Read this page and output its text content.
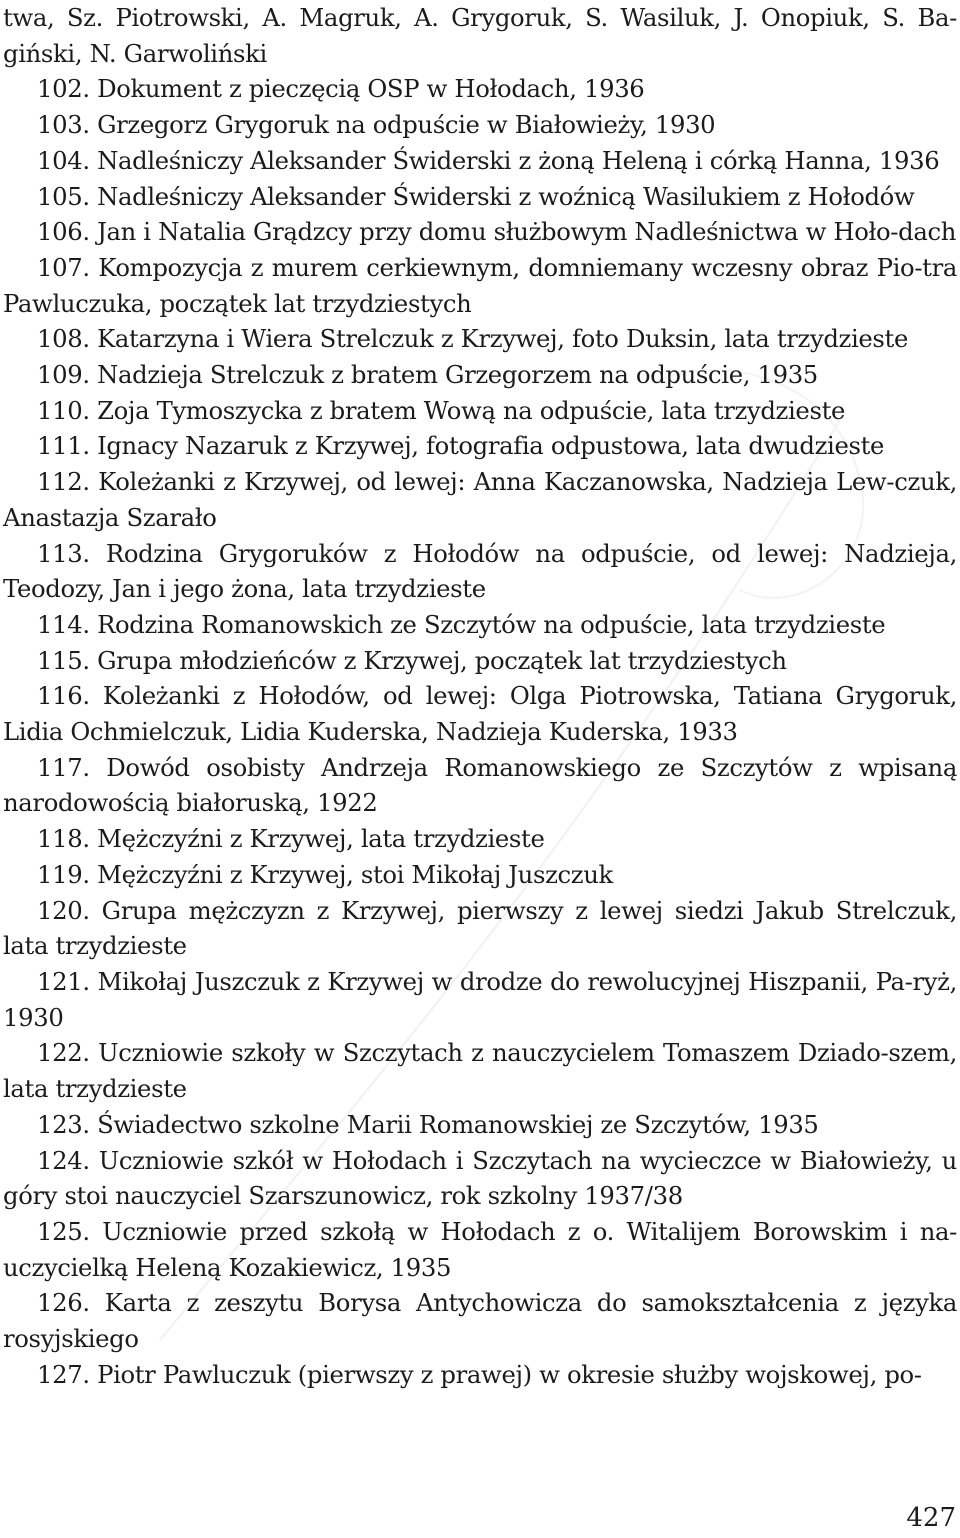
twa, Sz. Piotrowski, A. Magruk, A. Grygoruk, S. Wasiluk, J. Onopiuk, S. Ba-giński, N. Garwoliński

102. Dokument z pieczęcią OSP w Hołodach, 1936

103. Grzegorz Grygoruk na odpuście w Białowieży, 1930

104. Nadleśniczy Aleksander Świderski z żoną Heleną i córką Hanna, 1936

105. Nadleśniczy Aleksander Świderski z woźnicą Wasilukiem z Hołodów

106. Jan i Natalia Grądzcy przy domu służbowym Nadleśnictwa w Hoło-dach

107. Kompozycja z murem cerkiewnym, domniemany wczesny obraz Pio-tra Pawluczuka, początek lat trzydziestych

108. Katarzyna i Wiera Strelczuk z Krzywej, foto Duksin, lata trzydzieste

109. Nadzieja Strelczuk z bratem Grzegorzem na odpuście, 1935

110. Zoja Tymoszycka z bratem Wową na odpuście, lata trzydzieste

111. Ignacy Nazaruk z Krzywej, fotografia odpustowa, lata dwudzieste

112. Koleżanki z Krzywej, od lewej: Anna Kaczanowska, Nadzieja Lew-czuk, Anastazja Szarało

113. Rodzina Grygoruków z Hołodów na odpuście, od lewej: Nadzieja, Teodozy, Jan i jego żona, lata trzydzieste

114. Rodzina Romanowskich ze Szczytów na odpuście, lata trzydzieste

115. Grupa młodzieńców z Krzywej, początek lat trzydziestych

116. Koleżanki z Hołodów, od lewej: Olga Piotrowska, Tatiana Grygoruk, Lidia Ochmielczuk, Lidia Kuderska, Nadzieja Kuderska, 1933

117. Dowód osobisty Andrzeja Romanowskiego ze Szczytów z wpisaną narodowością białoruską, 1922

118. Mężczyźni z Krzywej, lata trzydzieste

119. Mężczyźni z Krzywej, stoi Mikołaj Juszczuk

120. Grupa mężczyzn z Krzywej, pierwszy z lewej siedzi Jakub Strelczuk, lata trzydzieste

121. Mikołaj Juszczuk z Krzywej w drodze do rewolucyjnej Hiszpanii, Pa-ryż, 1930

122. Uczniowie szkoły w Szczytach z nauczycielem Tomaszem Dziado-szem, lata trzydzieste

123. Świadectwo szkolne Marii Romanowskiej ze Szczytów, 1935

124. Uczniowie szkół w Hołodach i Szczytach na wycieczce w Białowieży, u góry stoi nauczyciel Szarszunowicz, rok szkolny 1937/38

125. Uczniowie przed szkołą w Hołodach z o. Witalijem Borowskim i na-uczycielką Heleną Kozakiewicz, 1935

126. Karta z zeszytu Borysa Antychowicza do samokształcenia z języka rosyjskiego

127. Piotr Pawluczuk (pierwszy z prawej) w okresie służby wojskowej, po-

427
